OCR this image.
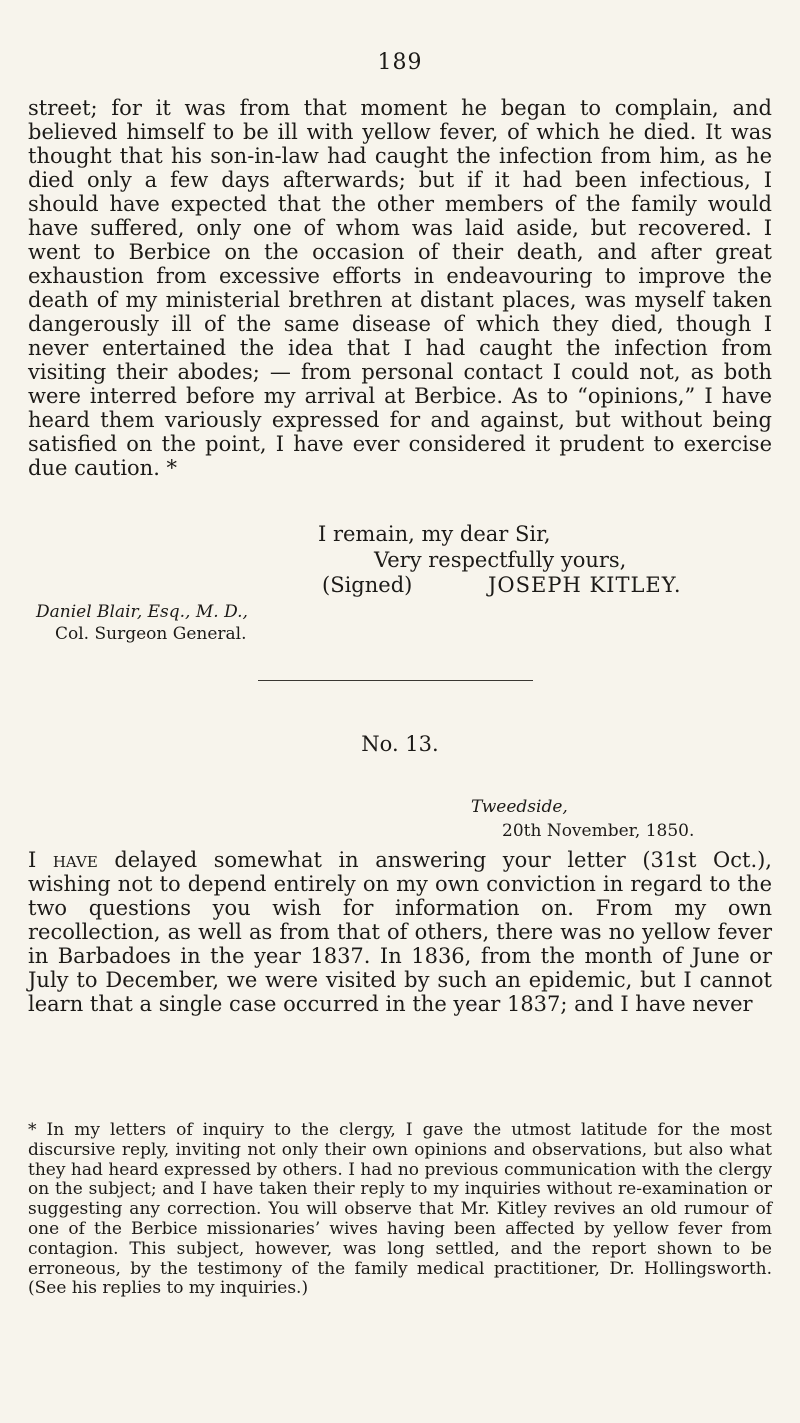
189

street; for it was from that moment he began to complain, and believed himself to be ill with yellow fever, of which he died. It was thought that his son-in-law had caught the infection from him, as he died only a few days afterwards; but if it had been infectious, I should have expected that the other members of the family would have suffered, only one of whom was laid aside, but recovered. I went to Berbice on the occasion of their death, and after great exhaustion from excessive efforts in endeavouring to improve the death of my ministerial brethren at distant places, was myself taken dangerously ill of the same disease of which they died, though I never entertained the idea that I had caught the infection from visiting their abodes; — from personal contact I could not, as both were interred before my arrival at Berbice. As to “opinions,” I have heard them variously expressed for and against, but without being satisfied on the point, I have ever considered it prudent to exercise due caution. *

I remain, my dear Sir,
Very respectfully yours,
(Signed)	JOSEPH KITLEY.
Daniel Blair, Esq., M. D.,
Col. Surgeon General.
No. 13.
Tweedside,
20th November, 1850.

I have delayed somewhat in answering your letter (31st Oct.), wishing not to depend entirely on my own conviction in regard to the two questions you wish for information on. From my own recollection, as well as from that of others, there was no yellow fever in Barbadoes in the year 1837. In 1836, from the month of June or July to December, we were visited by such an epidemic, but I cannot learn that a single case occurred in the year 1837; and I have never

* In my letters of inquiry to the clergy, I gave the utmost latitude for the most discursive reply, inviting not only their own opinions and observations, but also what they had heard expressed by others. I had no previous communication with the clergy on the subject; and I have taken their reply to my inquiries without re-examination or suggesting any correction. You will observe that Mr. Kitley revives an old rumour of one of the Berbice missionaries’ wives having been affected by yellow fever from contagion. This subject, however, was long settled, and the report shown to be erroneous, by the testimony of the family medical practitioner, Dr. Hollingsworth. (See his replies to my inquiries.)
